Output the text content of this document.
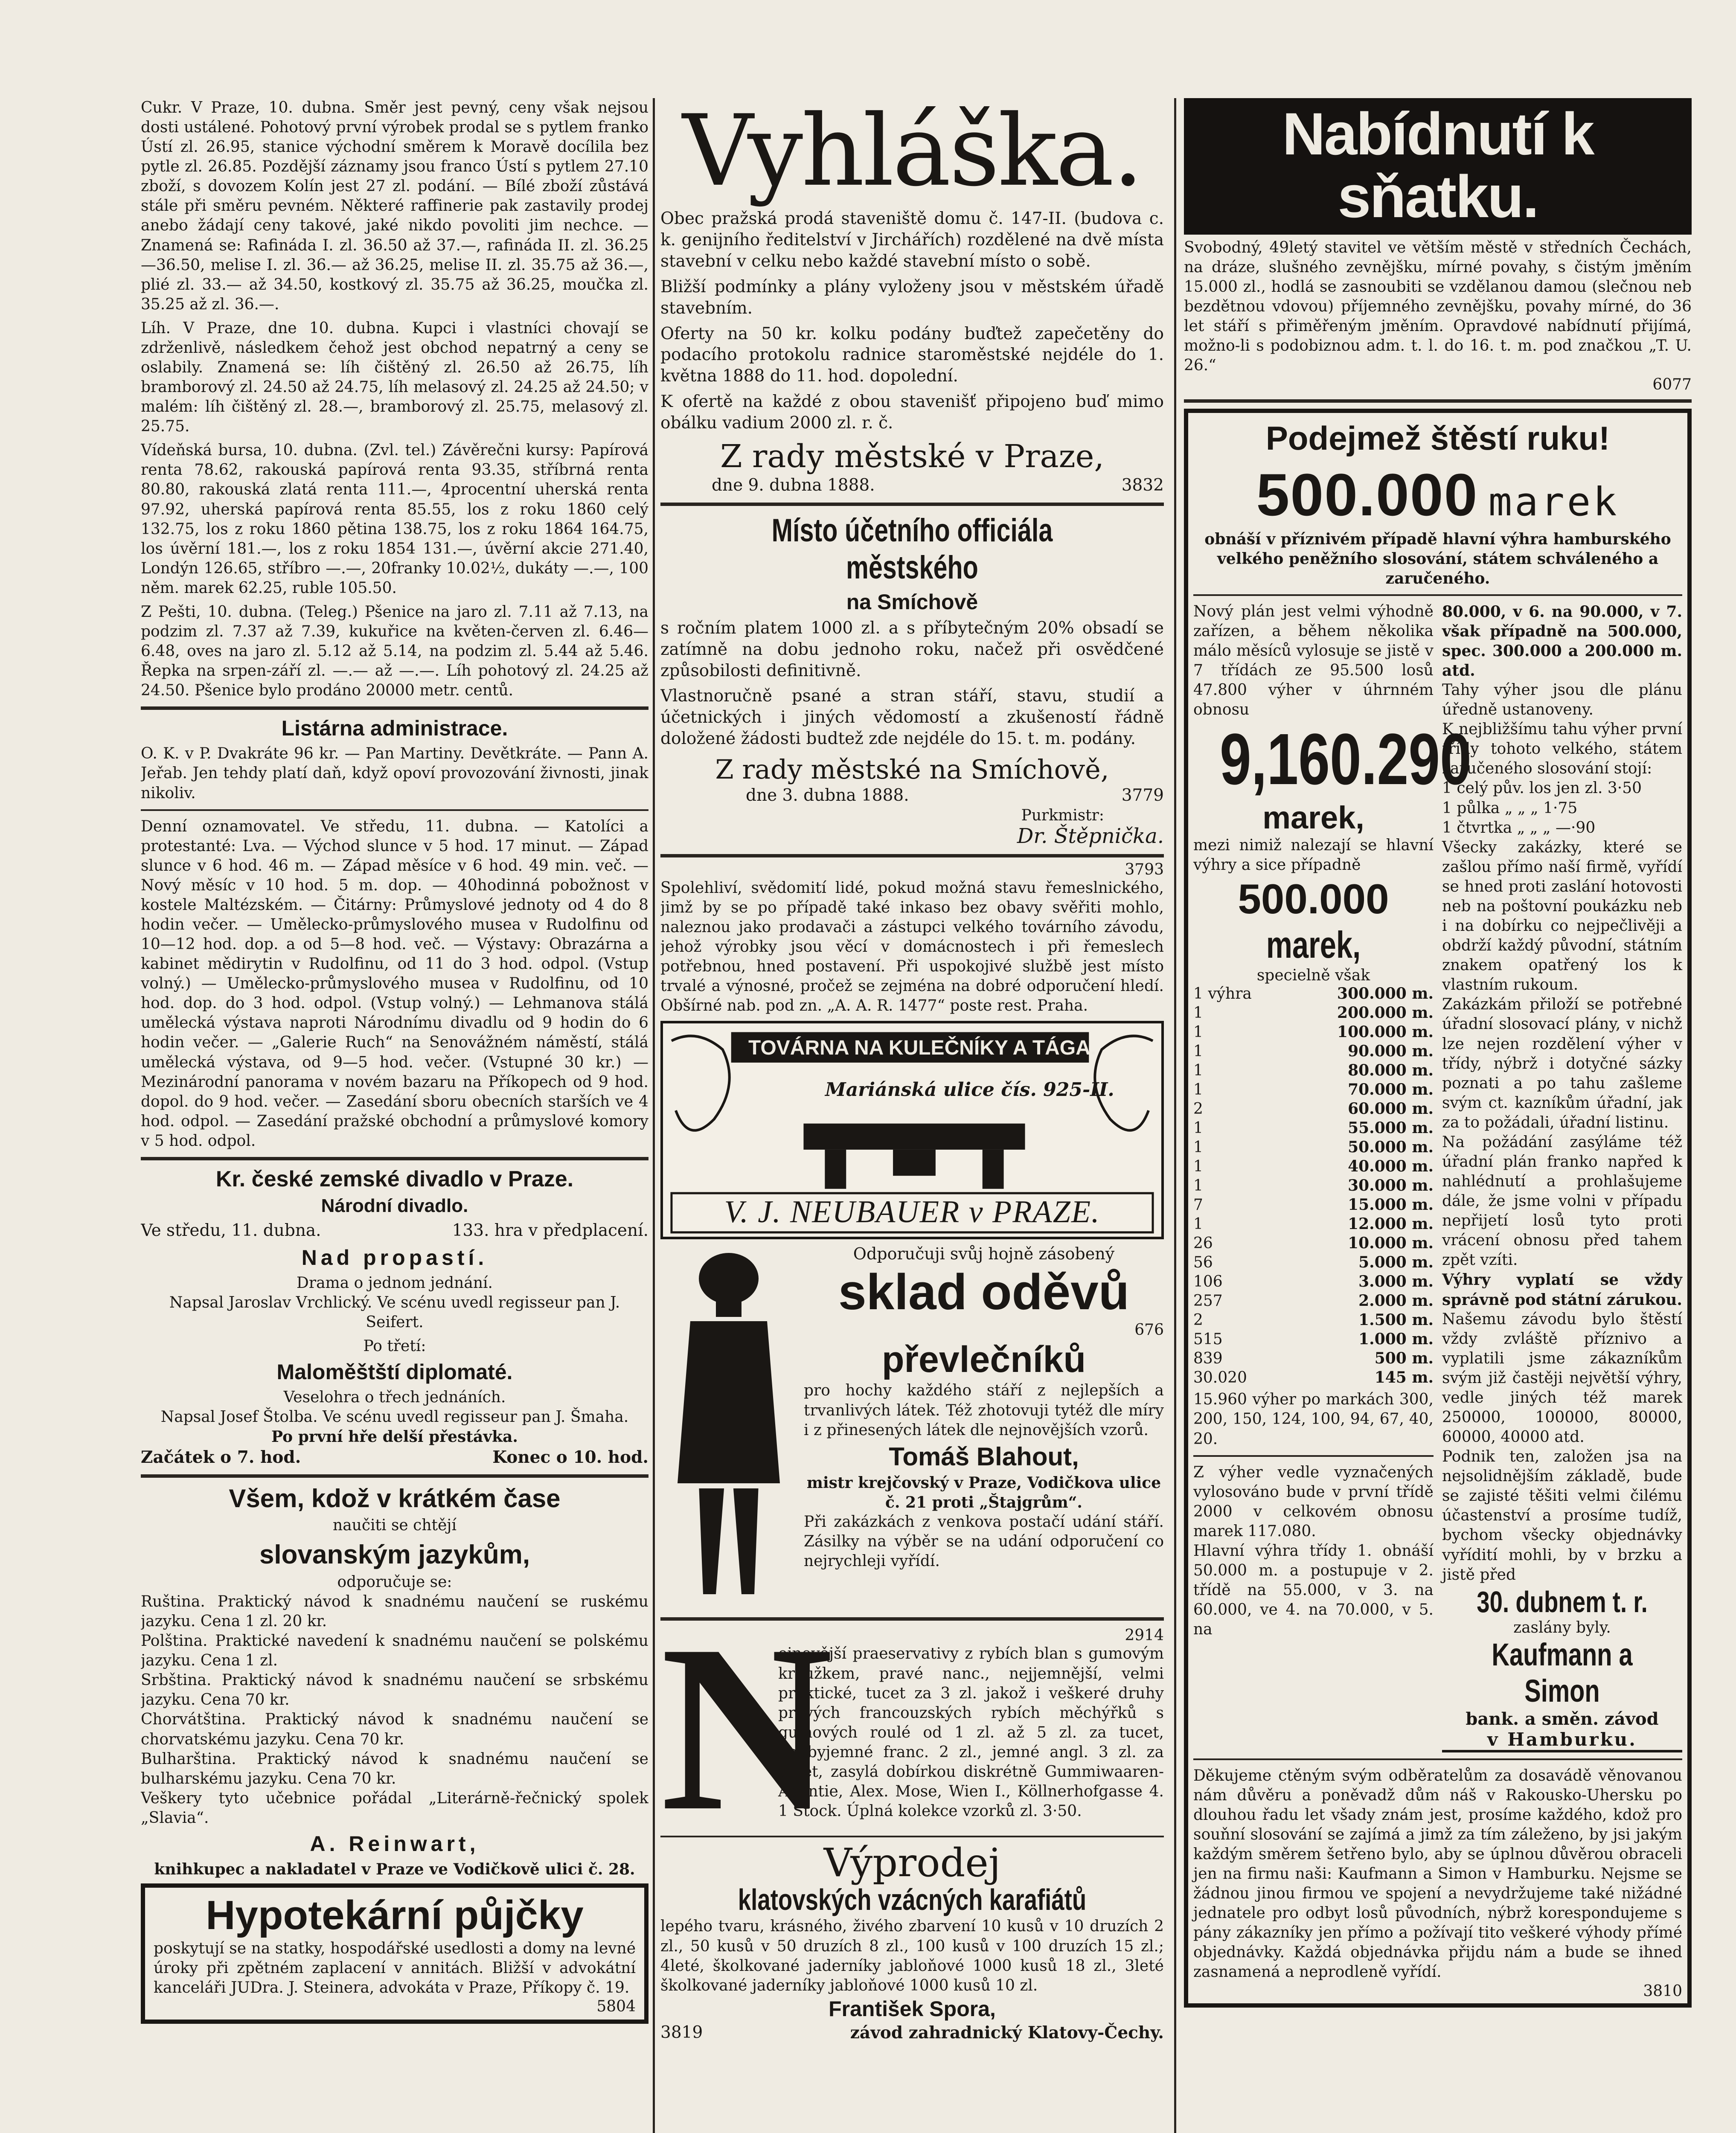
Cukr. V Praze, 10. dubna. Směr jest pevný, ceny však nejsou dosti ustálené. Pohotový první výrobek prodal se s pytlem franko Ústí zl. 26.95, stanice východní směrem k Moravě docílila bez pytle zl. 26.85. Pozdější záznamy jsou franco Ústí s pytlem 27.10 zboží, s dovozem Kolín jest 27 zl. podání. — Bílé zboží zůstává stále při směru pevném. Některé raffinerie pak zastavily prodej anebo žádají ceny takové, jaké nikdo povoliti jim nechce. — Znamená se: Rafináda I. zl. 36.50 až 37.—, rafináda II. zl. 36.25—36.50, melise I. zl. 36.— až 36.25, melise II. zl. 35.75 až 36.—, plié zl. 33.— až 34.50, kostkový zl. 35.75 až 36.25, moučka zl. 35.25 až zl. 36.—.

Líh. V Praze, dne 10. dubna. Kupci i vlastníci chovají se zdrženlivě, následkem čehož jest obchod nepatrný a ceny se oslabily. Znamená se: líh čištěný zl. 26.50 až 26.75, líh bramborový zl. 24.50 až 24.75, líh melasový zl. 24.25 až 24.50; v malém: líh čištěný zl. 28.—, bramborový zl. 25.75, melasový zl. 25.75.

Vídeňská bursa, 10. dubna. (Zvl. tel.) Závěrečni kursy: Papírová renta 78.62, rakouská papírová renta 93.35, stříbrná renta 80.80, rakouská zlatá renta 111.—, 4procentní uherská renta 97.92, uherská papírová renta 85.55, los z roku 1860 celý 132.75, los z roku 1860 pětina 138.75, los z roku 1864 164.75, los úvěrní 181.—, los z roku 1854 131.—, úvěrní akcie 271.40, Londýn 126.65, stříbro —.—, 20franky 10.02½, dukáty —.—, 100 něm. marek 62.25, ruble 105.50.

Z Pešti, 10. dubna. (Teleg.) Pšenice na jaro zl. 7.11 až 7.13, na podzim zl. 7.37 až 7.39, kukuřice na květen-červen zl. 6.46—6.48, oves na jaro zl. 5.12 až 5.14, na podzim zl. 5.44 až 5.46. Řepka na srpen-září zl. —.— až —.—. Líh pohotový zl. 24.25 až 24.50. Pšenice bylo prodáno 20000 metr. centů.

Listárna administrace.

O. K. v P. Dvakráte 96 kr. — Pan Martiny. Devětkráte. — Pann A. Jeřab. Jen tehdy platí daň, když opoví provozování živnosti, jinak nikoliv.

Denní oznamovatel. Ve středu, 11. dubna. — Katolíci a protestanté: Lva. — Východ slunce v 5 hod. 17 minut. — Západ slunce v 6 hod. 46 m. — Západ měsíce v 6 hod. 49 min. več. — Nový měsíc v 10 hod. 5 m. dop. — 40hodinná pobožnost v kostele Maltézském. — Čitárny: Průmyslové jednoty od 4 do 8 hodin večer. — Umělecko-průmyslového musea v Rudolfinu od 10—12 hod. dop. a od 5—8 hod. več. — Výstavy: Obrazárna a kabinet mědirytin v Rudolfinu, od 11 do 3 hod. odpol. (Vstup volný.) — Umělecko-průmyslového musea v Rudolfinu, od 10 hod. dop. do 3 hod. odpol. (Vstup volný.) — Lehmanova stálá umělecká výstava naproti Národnímu divadlu od 9 hodin do 6 hodin večer. — „Galerie Ruch“ na Senovážném náměstí, stálá umělecká výstava, od 9—5 hod. večer. (Vstupné 30 kr.) — Mezinárodní panorama v novém bazaru na Příkopech od 9 hod. dopol. do 9 hod. večer. — Zasedání sboru obecních starších ve 4 hod. odpol. — Zasedání pražské obchodní a průmyslové komory v 5 hod. odpol.

Kr. české zemské divadlo v Praze.
Národní divadlo.
Ve středu, 11. dubna.	133. hra v předplacení.
Nad propastí.

Drama o jednom jednání.

Napsal Jaroslav Vrchlický. Ve scénu uvedl regisseur pan J. Seifert.

Po třetí:

Maloměštští diplomaté.

Veselohra o třech jednáních.

Napsal Josef Štolba. Ve scénu uvedl regisseur pan J. Šmaha.

Po první hře delší přestávka.

Začátek o 7. hod.	Konec o 10. hod.
Všem, kdož v krátkém čase

naučiti se chtějí

slovanským jazykům,

odporučuje se:

Ruština. Praktický návod k snadnému naučení se ruskému jazyku. Cena 1 zl. 20 kr.

Polština. Praktické navedení k snadnému naučení se polskému jazyku. Cena 1 zl.

Srbština. Praktický návod k snadnému naučení se srbskému jazyku. Cena 70 kr.

Chorvátština. Praktický návod k snadnému naučení se chorvatskému jazyku. Cena 70 kr.

Bulharština. Praktický návod k snadnému naučení se bulharskému jazyku. Cena 70 kr.

Veškery tyto učebnice pořádal „Literárně-řečnický spolek „Slavia“.

A. Reinwart,

knihkupec a nakladatel v Praze ve Vodičkově ulici č. 28.

Hypotekární půjčky

poskytují se na statky, hospodářské usedlosti a domy na levné úroky při zpětném zaplacení v annitách. Bližší v advokátní kanceláři JUDra. J. Steinera, advokáta v Praze, Příkopy č. 19.

5804
Vyhláška.

Obec pražská prodá staveniště domu č. 147-II. (budova c. k. genijního ředitelství v Jirchářích) rozdělené na dvě místa stavební v celku nebo každé stavební místo o sobě.

Bližší podmínky a plány vyloženy jsou v městském úřadě stavebním.

Oferty na 50 kr. kolku podány buďtež zapečetěny do podacího protokolu radnice staroměstské nejdéle do 1. května 1888 do 11. hod. dopolední.

K ofertě na každé z obou stavenišť připojeno buď mimo obálku vadium 2000 zl. r. č.

Z rady městské v Praze,
dne 9. dubna 1888.	3832
Místo účetního officiála městského
na Smíchově

s ročním platem 1000 zl. a s příbytečným 20% obsadí se zatímně na dobu jednoho roku, načež při osvědčené způsobilosti definitivně.

Vlastnoručně psané a stran stáří, stavu, studií a účetnických i jiných vědomostí a zkušeností řádně doložené žádosti budtež zde nejdéle do 15. t. m. podány.

Z rady městské na Smíchově,
dne 3. dubna 1888.	3779
Purkmistr:
Dr. Štěpnička.
3793

Spolehliví, svědomití lidé, pokud možná stavu řemeslnického, jimž by se po případě také inkaso bez obavy svěřiti mohlo, naleznou jako prodavači a zástupci velkého továrního závodu, jehož výrobky jsou věcí v domácnostech i při řemeslech potřebnou, hned postavení. Při uspokojivé službě jest místo trvalé a výnosné, pročež se zejména na dobré odporučení hledí. Obšírné nab. pod zn. „A. A. R. 1477“ poste rest. Praha.

TOVÁRNA NA KULEČNÍKY A TÁGA.
Mariánská ulice čís. 925-II.
V. J. NEUBAUER v PRAZE.
Odporučuji svůj hojně zásobený
sklad oděvů
676
převlečníků

pro hochy každého stáří z nejlepších a trvanlivých látek. Též zhotovuji tytéž dle míry i z přinesených látek dle nejnovějších vzorů.

Tomáš Blahout,

mistr krejčovský v Praze, Vodičkova ulice č. 21 proti „Štajgrům“.

Při zakázkách z venkova postačí udání stáří. Zásilky na výběr se na udání odporučení co nejrychleji vyřídí.

N	2914

ejnovější praeservativy z rybích blan s gumovým kroužkem, pravé nanc., nejjemnější, velmi praktické, tucet za 3 zl. jakož i veškeré druhy pravých francouzských rybích měchýřků s gumových roulé od 1 zl. až 5 zl. za tucet, houbyjemné franc. 2 zl., jemné angl. 3 zl. za tucet, zasylá dobírkou diskrétně Gummiwaaren-Agentie, Alex. Mose, Wien I., Köllnerhofgasse 4. 1 Stock. Úplná kolekce vzorků zl. 3·50.

Výprodej
klatovských vzácných karafiátů

lepého tvaru, krásného, živého zbarvení 10 kusů v 10 druzích 2 zl., 50 kusů v 50 druzích 8 zl., 100 kusů v 100 druzích 15 zl.; 4leté, školkované jaderníky jabloňové 1000 kusů 18 zl., 3leté školkované jaderníky jabloňové 1000 kusů 10 zl.

František Spora,
3819	závod zahradnický Klatovy-Čechy.
Nabídnutí k sňatku.

Svobodný, 49letý stavitel ve větším městě v středních Čechách, na dráze, slušného zevnějšku, mírné povahy, s čistým jměním 15.000 zl., hodlá se zasnoubiti se vzdělanou damou (slečnou neb bezdětnou vdovou) příjemného zevnějšku, povahy mírné, do 36 let stáří s přiměřeným jměním. Opravdové nabídnutí přijímá, možno-li s podobiznou adm. t. l. do 16. t. m. pod značkou „T. U. 26.“

6077
Podejmež štěstí ruku!
500.000 marek

obnáší v příznivém případě hlavní výhra hamburského velkého peněžního slosování, státem schváleného a zaručeného.

Nový plán jest velmi výhodně zařízen, a během několika málo měsíců vylosuje se jistě v 7 třídách ze 95.500 losů 47.800 výher v úhrnném obnosu

9,160.290
marek,

mezi nimiž nalezají se hlavní výhry a sice případně

500.000
marek,
specielně však
1 výhra	300.000 m.
1	200.000 m.
1	100.000 m.
1	90.000 m.
1	80.000 m.
1	70.000 m.
2	60.000 m.
1	55.000 m.
1	50.000 m.
1	40.000 m.
1	30.000 m.
7	15.000 m.
1	12.000 m.
26	10.000 m.
56	5.000 m.
106	3.000 m.
257	2.000 m.
2	1.500 m.
515	1.000 m.
839	500 m.
30.020	145 m.

15.960 výher po markách 300, 200, 150, 124, 100, 94, 67, 40, 20.

Z výher vedle vyznačených vylosováno bude v první třídě 2000 v celkovém obnosu marek 117.080.

Hlavní výhra třídy 1. obnáší 50.000 m. a postupuje v 2. třídě na 55.000, v 3. na 60.000, ve 4. na 70.000, v 5. na

80.000, v 6. na 90.000, v 7. však případně na 500.000, spec. 300.000 a 200.000 m. atd.

Tahy výher jsou dle plánu úředně ustanoveny.

K nejbližšímu tahu výher první třídy tohoto velkého, státem zaručeného slosování stojí:

1 celý pův. los jen zl. 3·50
1 půlka „ „ „ 1·75
1 čtvrtka „ „ „ —·90

Všecky zakázky, které se zašlou přímo naší firmě, vyřídí se hned proti zaslání hotovosti neb na poštovní poukázku neb i na dobírku co nejpečlivěji a obdrží každý původní, státním znakem opatřený los k vlastním rukoum.

Zakázkám přiloží se potřebné úřadní slosovací plány, v nichž lze nejen rozdělení výher v třídy, nýbrž i dotyčné sázky poznati a po tahu zašleme svým ct. kazníkům úřadní, jak za to požádali, úřadní listinu.

Na požádání zasýláme též úřadní plán franko napřed k nahlédnutí a prohlašujeme dále, že jsme volni v případu nepřijetí losů tyto proti vrácení obnosu před tahem zpět vzíti.

Výhry vyplatí se vždy správně pod státní zárukou.

Našemu závodu bylo štěstí vždy zvláště příznivo a vyplatili jsme zákazníkům svým již častěji největší výhry, vedle jiných též marek 250000, 100000, 80000, 60000, 40000 atd.

Podnik ten, založen jsa na nejsolidnějším základě, bude se zajisté těšiti velmi čilému účastenství a prosíme tudíž, bychom všecky objednávky vyřídití mohli, by v brzku a jistě před

30. dubnem t. r.
zaslány byly.
Kaufmann a Simon
bank. a směn. závod
v Hamburku.

Děkujeme ctěným svým odběratelům za dosavádě věnovanou nám důvěru a poněvadž dům náš v Rakousko-Uhersku po dlouhou řadu let všady znám jest, prosíme každého, kdož pro souňní slosování se zajímá a jimž za tím záleženo, by jsi jakým každým směrem šetřeno bylo, aby se úplnou důvěrou obraceli jen na firmu naši: Kaufmann a Simon v Hamburku. Nejsme se žádnou jinou firmou ve spojení a nevydržujeme také nižádné jednatele pro odbyt losů původních, nýbrž korespondujeme s pány zákazníky jen přímo a požívají tito veškeré výhody přímé objednávky. Každá objednávka přijdu nám a bude se ihned zasnamená a neprodleně vyřídí.

3810
